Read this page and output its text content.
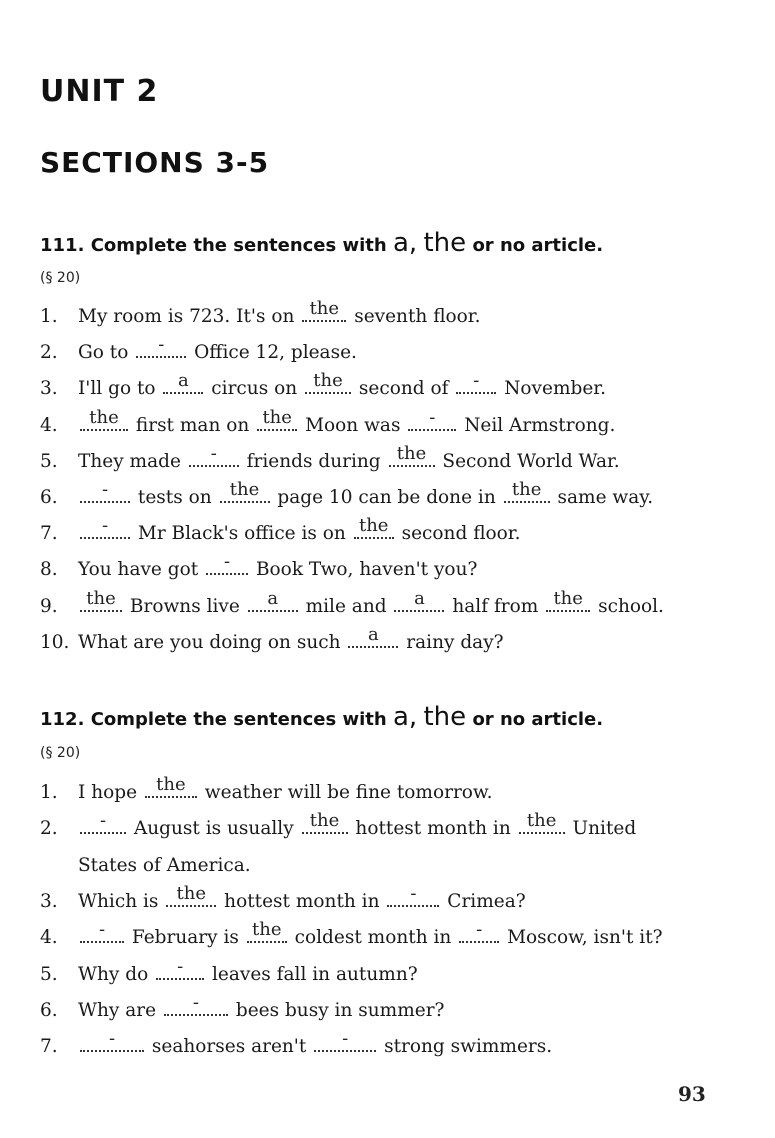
UNIT 2
SECTIONS 3-5
111. Complete the sentences with a, the or no article.
(§ 20)
1. My room is 723. It's on the seventh floor.
2. Go to	-	Office 12, please.
3. I'll go to a circus on the second of	-	November.
4.	the first man on the Moon was	-	Neil Armstrong.
5. They made	-	friends during the Second World War.
6.	-	tests on the page 10 can be done in the same way.
7.	-	Mr Black's office is on the second floor.
8. You have got	-	Book Two, haven't you?
9.	the Browns live	a	mile and	a	half from the school.
10. What are you doing on such	a	rainy day?
112. Complete the sentences with a, the or no article.
(§ 20)
1. I hope the weather will be fine tomorrow.
2.	-	August is usually the hottest month in the United
States of America.
3. Which is the hottest month in	-	Crimea?
4.	-	February is the coldest month in	-	Moscow, isn't it?
5. Why do	-	leaves fall in autumn?
6. Why are	-	bees busy in summer?
7.	-	seahorses aren't	-	strong swimmers.
93
